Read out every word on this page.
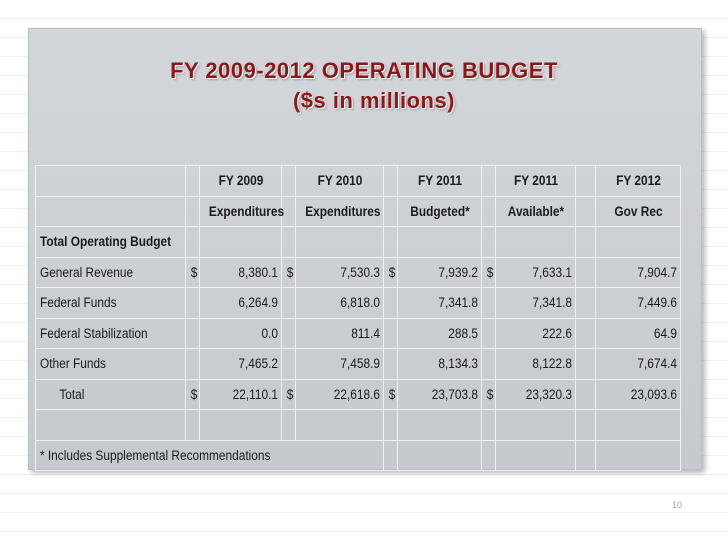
FY 2009-2012 OPERATING BUDGET
($s in millions)
		FY 2009		FY 2010		FY 2011		FY 2011		FY 2012
		Expenditures		Expenditures		Budgeted*		Available*		Gov Rec
Total Operating Budget										
General Revenue	$	8,380.1	$	7,530.3	$	7,939.2	$	7,633.1		7,904.7
Federal Funds		6,264.9		6,818.0		7,341.8		7,341.8		7,449.6
Federal Stabilization		0.0		811.4		288.5		222.6		64.9
Other Funds		7,465.2		7,458.9		8,134.3		8,122.8		7,674.4
Total	$	22,110.1	$	22,618.6	$	23,703.8	$	23,320.3		23,093.6

* Includes Supplemental Recommendations										
10
